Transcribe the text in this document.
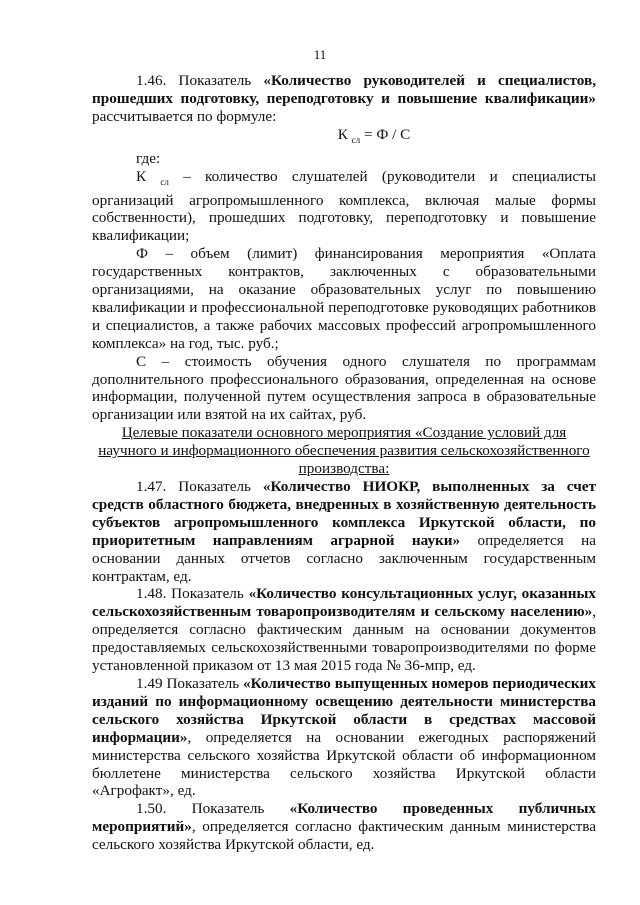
11

1.46. Показатель «Количество руководителей и специалистов, прошедших подготовку, переподготовку и повышение квалификации» рассчитывается по формуле:

К $_{сл}$ = Ф / С

где:

К $_{сл}$ – количество слушателей (руководители и специалисты организаций агропромышленного комплекса, включая малые формы собственности), прошедших подготовку, переподготовку и повышение квалификации;

Ф – объем (лимит) финансирования мероприятия «Оплата государственных контрактов, заключенных с образовательными организациями, на оказание образовательных услуг по повышению квалификации и профессиональной переподготовке руководящих работников и специалистов, а также рабочих массовых профессий агропромышленного комплекса» на год, тыс. руб.;

С – стоимость обучения одного слушателя по программам дополнительного профессионального образования, определенная на основе информации, полученной путем осуществления запроса в образовательные организации или взятой на их сайтах, руб.

Целевые показатели основного мероприятия «Создание условий для научного и информационного обеспечения развития сельскохозяйственного производства:

1.47. Показатель «Количество НИОКР, выполненных за счет средств областного бюджета, внедренных в хозяйственную деятельность субъектов агропромышленного комплекса Иркутской области, по приоритетным направлениям аграрной науки» определяется на основании данных отчетов согласно заключенным государственным контрактам, ед.

1.48. Показатель «Количество консультационных услуг, оказанных сельскохозяйственным товаропроизводителям и сельскому населению», определяется согласно фактическим данным на основании документов предоставляемых сельскохозяйственными товаропроизводителями по форме установленной приказом от 13 мая 2015 года № 36-мпр, ед.

1.49 Показатель «Количество выпущенных номеров периодических изданий по информационному освещению деятельности министерства сельского хозяйства Иркутской области в средствах массовой информации», определяется на основании ежегодных распоряжений министерства сельского хозяйства Иркутской области об информационном бюллетене министерства сельского хозяйства Иркутской области «Агрофакт», ед.

1.50. Показатель «Количество проведенных публичных мероприятий», определяется согласно фактическим данным министерства сельского хозяйства Иркутской области, ед.
